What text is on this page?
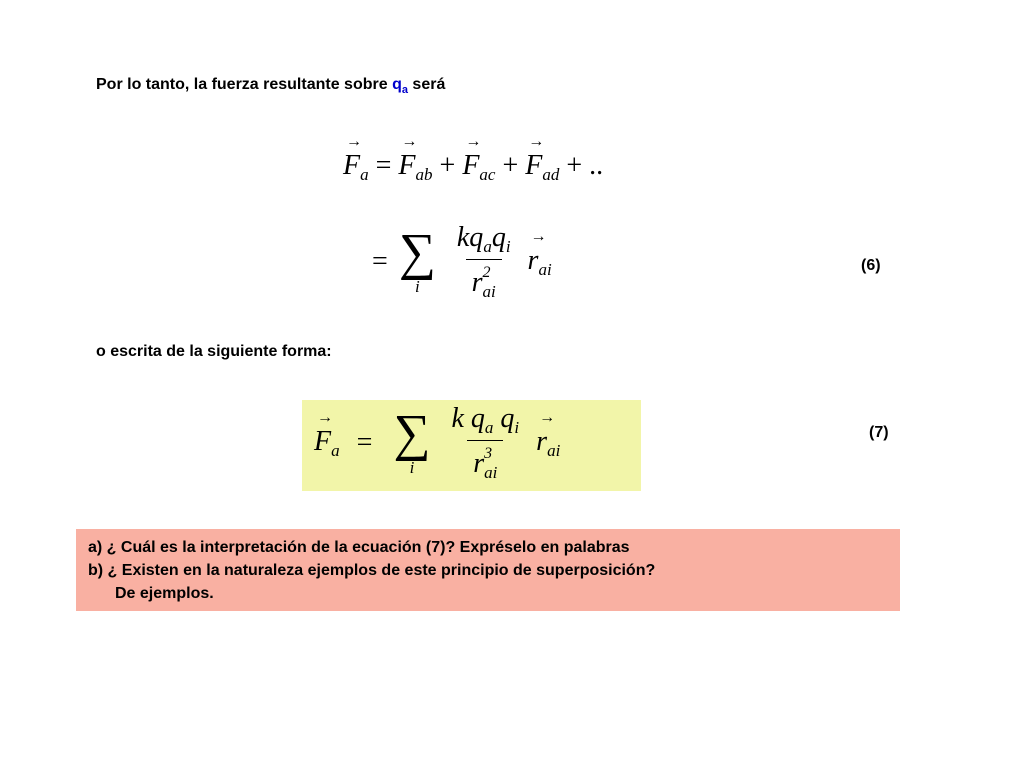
Por lo tanto, la fuerza resultante sobre $q_a$ será
→ $F_a$ = → $F_{ab}$ + → $F_{ac}$ + → $F_{ad}$ + ..
= ∑
i
$\frac{kq_aq_i}{r^2_{ai}}$
→ $r_{ai}$	(6)
o escrita de la siguiente forma:
→ $F_a$ = ∑
i
$\frac{k q_a q_i}{r^3_{ai}}$
→ $r_{ai}$
(7)
a) ¿ Cuál es la interpretación de la ecuación (7)? Expréselo en palabras
b) ¿ Existen en la naturaleza ejemplos de este principio de superposición?
De ejemplos.
